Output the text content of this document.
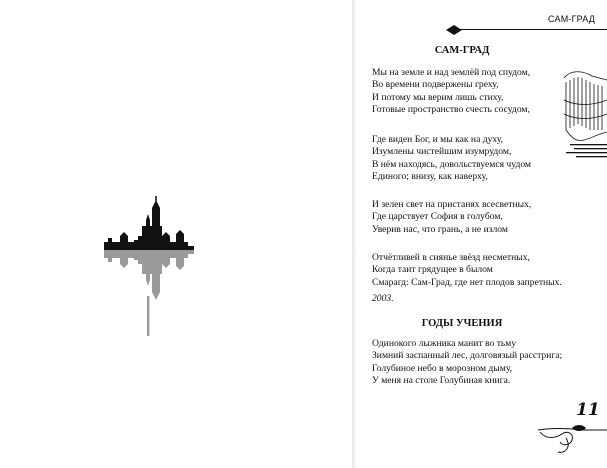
САМ-ГРАД
САМ-ГРАД
Мы на земле и над землёй под спудом,
Во времени подвержены греху,
И потому мы верим лишь стиху,
Готовые пространство счесть сосудом,
Где виден Бог, и мы как на духу,
Изумлены чистейшим изумрудом,
В нём находясь, довольствуемся чудом
Единого; внизу, как наверху,
И зелен свет на пристанях всесветных,
Где царствует София в голубом,
Уверив нас, что грань, а не излом
Отчётливей в сиянье звёзд несметных,
Когда таит грядущее в былом
Смарагд: Сам-Град, где нет плодов запретных.
2003.
ГОДЫ УЧЕНИЯ
Одинокого лыжника манит во тьму
Зимний заспанный лес, долговязый расстрига;
Голубиное небо в морозном дыму,
У меня на столе Голубиная книга.
11
